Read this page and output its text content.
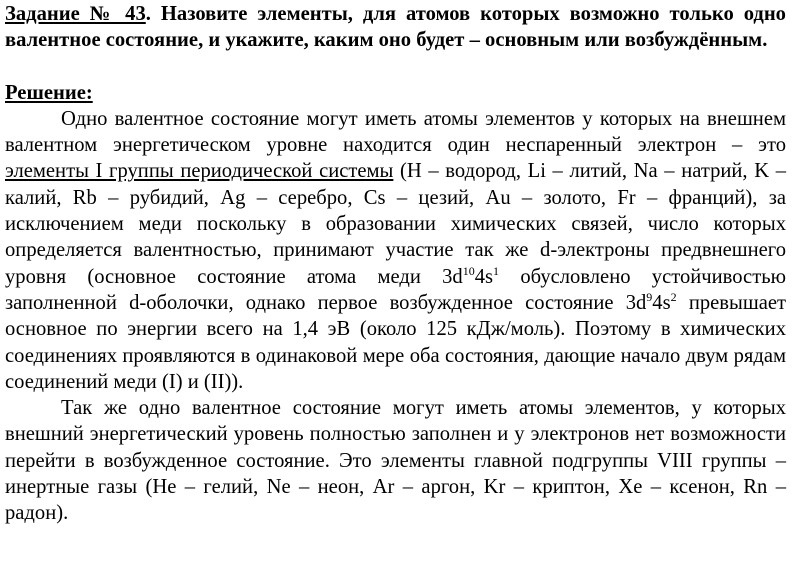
Задание № 43. Назовите элементы, для атомов которых возможно только одно валентное состояние, и укажите, каким оно будет – основным или возбуждённым.

Решение:

Одно валентное состояние могут иметь атомы элементов у которых на внешнем валентном энергетическом уровне находится один неспаренный электрон – это элементы I группы периодической системы (H – водород, Li – литий, Na – натрий, K – калий, Rb – рубидий, Ag – серебро, Cs – цезий, Au – золото, Fr – франций), за исключением меди поскольку в образовании химических связей, число которых определяется валентностью, принимают участие так же d-электроны предвнешнего уровня (основное состояние атома меди $3d^{10}4s^1$ обусловлено устойчивостью заполненной d-оболочки, однако первое возбужденное состояние $3d^94s^2$ превышает основное по энергии всего на 1,4 эВ (около 125 кДж/моль). Поэтому в химических соединениях проявляются в одинаковой мере оба состояния, дающие начало двум рядам соединений меди (I) и (II)).

Так же одно валентное состояние могут иметь атомы элементов, у которых внешний энергетический уровень полностью заполнен и у электронов нет возможности перейти в возбужденное состояние. Это элементы главной подгруппы VIII группы – инертные газы (He – гелий, Ne – неон, Ar – аргон, Kr – криптон, Xe – ксенон, Rn – радон).
